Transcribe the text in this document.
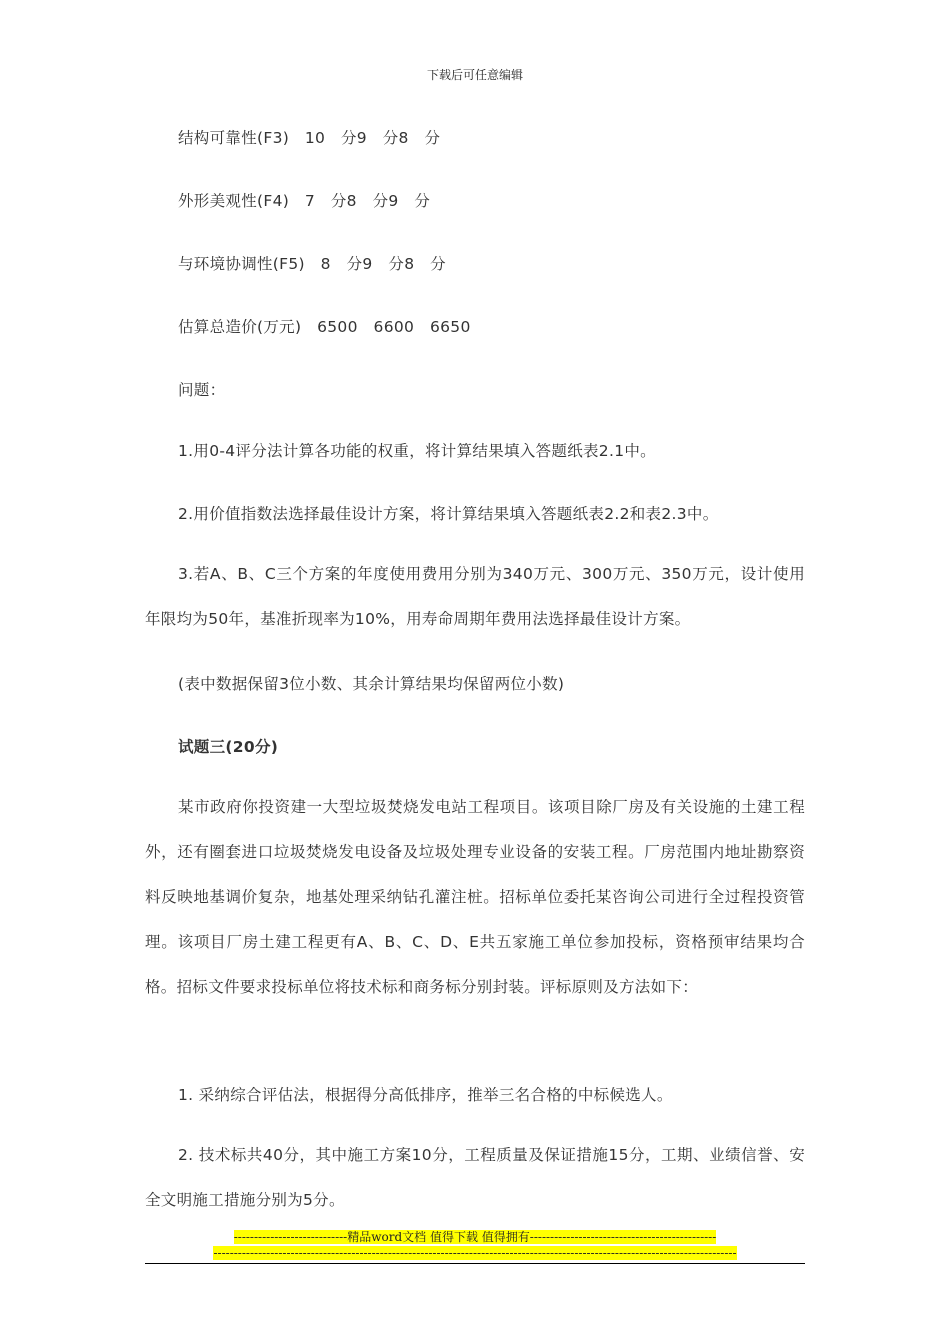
下载后可任意编辑
结构可靠性(F3)　10　分9　分8　分
外形美观性(F4)　7　分8　分9　分
与环境协调性(F5)　8　分9　分8　分
估算总造价(万元)　6500　6600　6650
问题：
1.用0-4评分法计算各功能的权重，将计算结果填入答题纸表2.1中。
2.用价值指数法选择最佳设计方案，将计算结果填入答题纸表2.2和表2.3中。
3.若A、B、C三个方案的年度使用费用分别为340万元、300万元、350万元，设计使用年限均为50年，基准折现率为10%，用寿命周期年费用法选择最佳设计方案。
(表中数据保留3位小数、其余计算结果均保留两位小数)
试题三(20分)
某市政府你投资建一大型垃圾焚烧发电站工程项目。该项目除厂房及有关设施的土建工程外，还有圈套进口垃圾焚烧发电设备及垃圾处理专业设备的安装工程。厂房范围内地址勘察资料反映地基调价复杂，地基处理采纳钻孔灌注桩。招标单位委托某咨询公司进行全过程投资管理。该项目厂房土建工程更有A、B、C、D、E共五家施工单位参加投标，资格预审结果均合格。招标文件要求投标单位将技术标和商务标分别封装。评标原则及方法如下：
1. 采纳综合评估法，根据得分高低排序，推举三名合格的中标候选人。
2. 技术标共40分，其中施工方案10分，工程质量及保证措施15分，工期、业绩信誉、安全文明施工措施分别为5分。
----------------------------精品word文档 值得下载 值得拥有----------------------------------------------
---------------------------------------------------------------------------------------------------------------------------------
